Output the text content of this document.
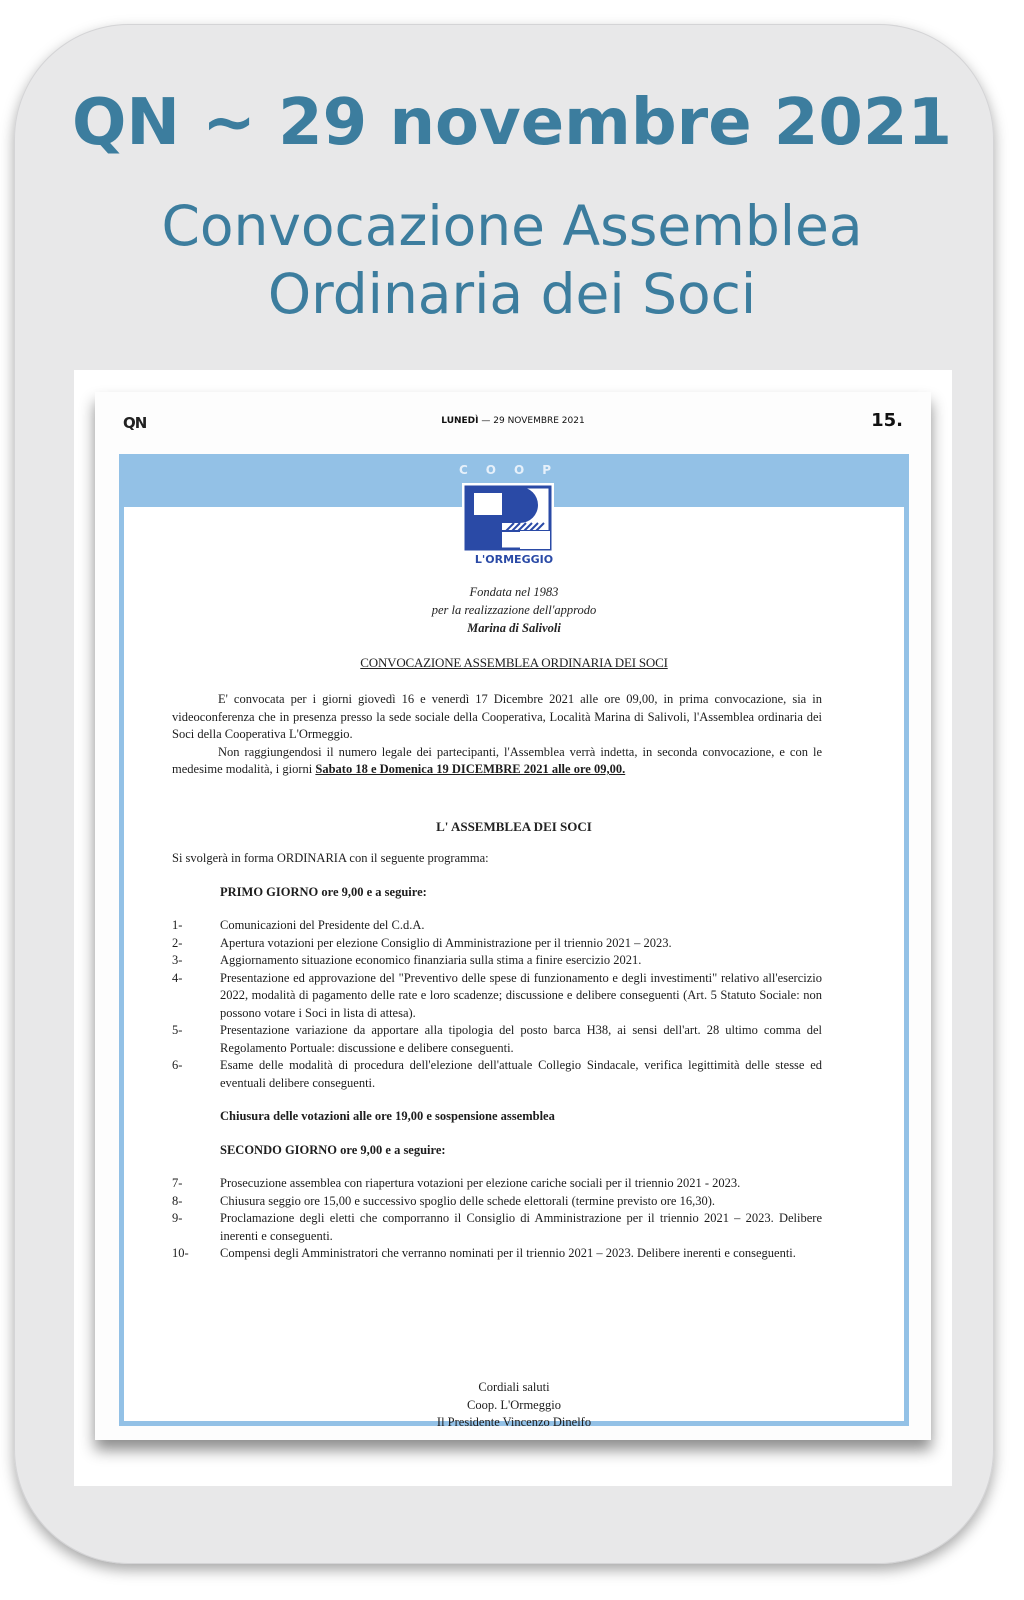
QN ~ 29 novembre 2021
Convocazione Assemblea
Ordinaria dei Soci
QN	LUNEDÌ — 29 NOVEMBRE 2021	15.
COOP
L'ORMEGGIO
Fondata nel 1983
per la realizzazione dell'approdo
Marina di Salivoli
CONVOCAZIONE ASSEMBLEA ORDINARIA DEI SOCI

E' convocata per i giorni giovedì 16 e venerdì 17 Dicembre 2021 alle ore 09,00, in prima convocazione, sia in videoconferenza che in presenza presso la sede sociale della Cooperativa, Località Marina di Salivoli, l'Assemblea ordinaria dei Soci della Cooperativa L'Ormeggio.

Non raggiungendosi il numero legale dei partecipanti, l'Assemblea verrà indetta, in seconda convocazione, e con le medesime modalità, i giorni Sabato 18 e Domenica 19 DICEMBRE 2021 alle ore 09,00.

L' ASSEMBLEA DEI SOCI
Si svolgerà in forma ORDINARIA con il seguente programma:
PRIMO GIORNO ore 9,00 e a seguire:
1-	Comunicazioni del Presidente del C.d.A.
2-	Apertura votazioni per elezione Consiglio di Amministrazione per il triennio 2021 – 2023.
3-	Aggiornamento situazione economico finanziaria sulla stima a finire esercizio 2021.
4-	Presentazione ed approvazione del "Preventivo delle spese di funzionamento e degli investimenti" relativo all'esercizio 2022, modalità di pagamento delle rate e loro scadenze; discussione e delibere conseguenti (Art. 5 Statuto Sociale: non possono votare i Soci in lista di attesa).
5-	Presentazione variazione da apportare alla tipologia del posto barca H38, ai sensi dell'art. 28 ultimo comma del Regolamento Portuale: discussione e delibere conseguenti.
6-	Esame delle modalità di procedura dell'elezione dell'attuale Collegio Sindacale, verifica legittimità delle stesse ed eventuali delibere conseguenti.
Chiusura delle votazioni alle ore 19,00 e sospensione assemblea
SECONDO GIORNO ore 9,00 e a seguire:
7-	Prosecuzione assemblea con riapertura votazioni per elezione cariche sociali per il triennio 2021 - 2023.
8-	Chiusura seggio ore 15,00 e successivo spoglio delle schede elettorali (termine previsto ore 16,30).
9-	Proclamazione degli eletti che comporranno il Consiglio di Amministrazione per il triennio 2021 – 2023. Delibere inerenti e conseguenti.
10-	Compensi degli Amministratori che verranno nominati per il triennio 2021 – 2023. Delibere inerenti e conseguenti.
Cordiali saluti
Coop. L'Ormeggio
Il Presidente Vincenzo Dinelfo
